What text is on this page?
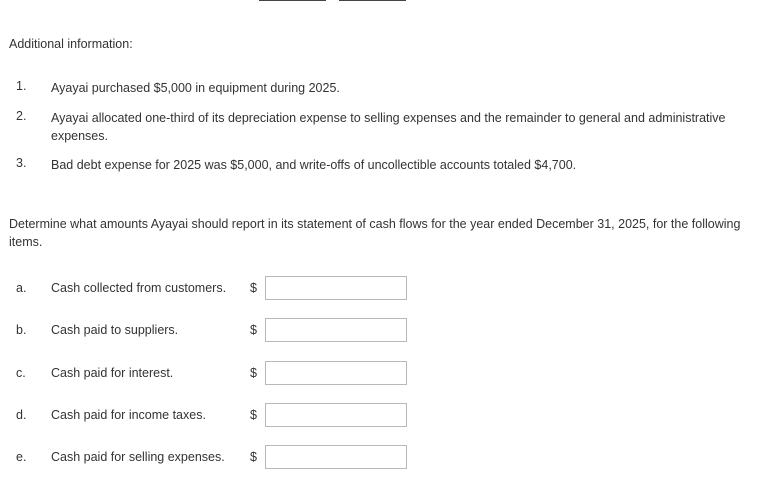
Additional information:
1. Ayayai purchased $5,000 in equipment during 2025.
2. Ayayai allocated one-third of its depreciation expense to selling expenses and the remainder to general and administrative expenses.
3. Bad debt expense for 2025 was $5,000, and write-offs of uncollectible accounts totaled $4,700.

Determine what amounts Ayayai should report in its statement of cash flows for the year ended December 31, 2025, for the following items.

a. Cash collected from customers. $
b. Cash paid to suppliers.	$
c. Cash paid for interest.	$
d. Cash paid for income taxes.	$
e. Cash paid for selling expenses. $
